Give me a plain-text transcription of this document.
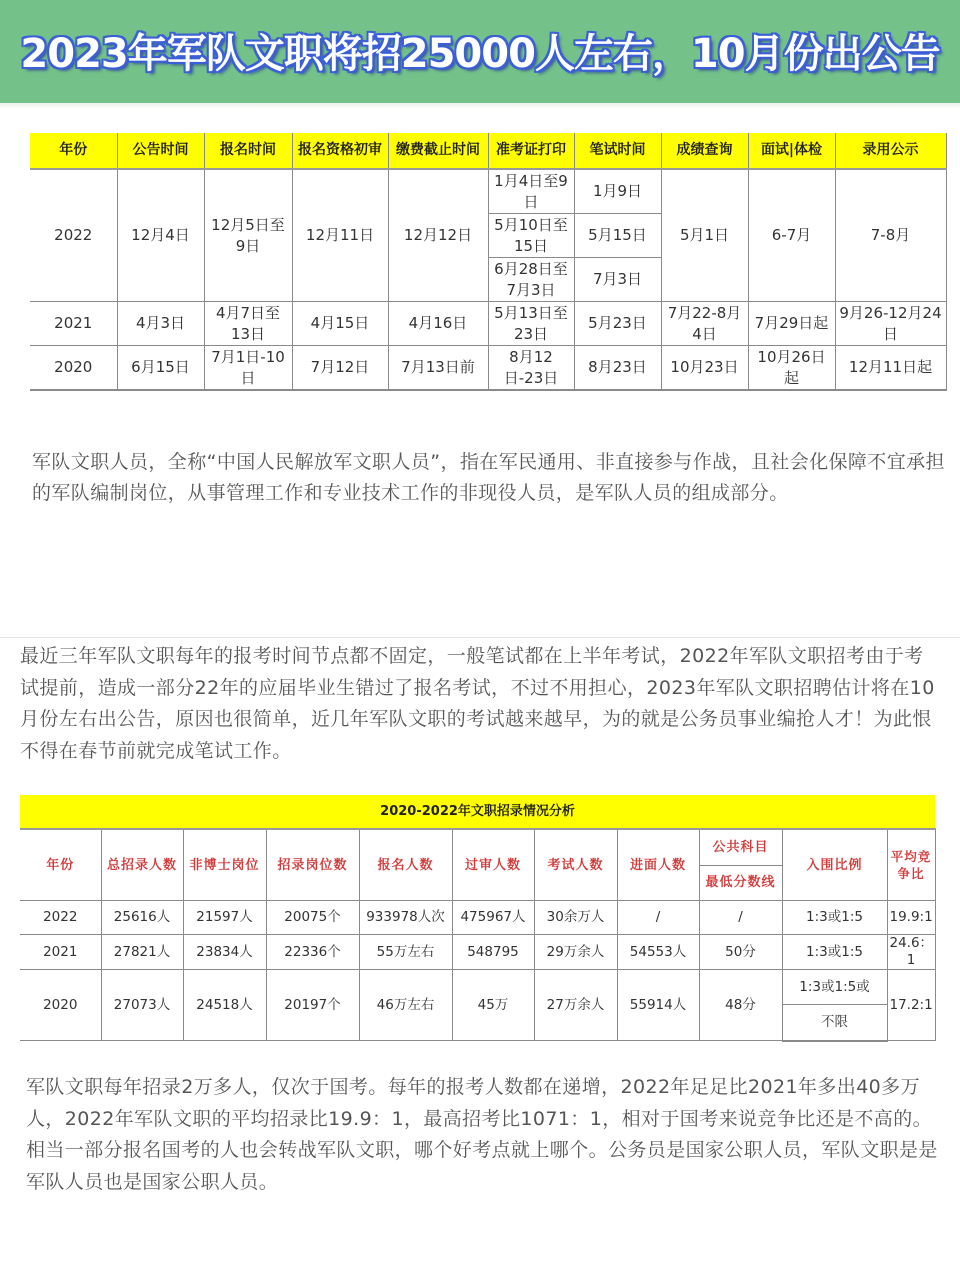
2023年军队文职将招25000人左右，10月份出公告
年份	公告时间	报名时间	报名资格初审	缴费截止时间	准考证打印	笔试时间	成绩查询	面试|体检	录用公示
2022	12月4日	12月5日至9日	12月11日	12月12日	1月4日至9日	1月9日	5月1日	6-7月	7-8月
					5月10日至15日	5月15日			
					6月28日至7月3日	7月3日			
2021	4月3日	4月7日至13日	4月15日	4月16日	5月13日至23日	5月23日	7月22-8月4日	7月29日起	9月26-12月24日
2020	6月15日	7月1日-10日	7月12日	7月13日前	8月12日-23日	8月23日	10月23日	10月26日起	12月11日起

军队文职人员，全称“中国人民解放军文职人员”，指在军民通用、非直接参与作战，且社会化保障不宜承担的军队编制岗位，从事管理工作和专业技术工作的非现役人员，是军队人员的组成部分。

最近三年军队文职每年的报考时间节点都不固定，一般笔试都在上半年考试，2022年军队文职招考由于考试提前，造成一部分22年的应届毕业生错过了报名考试，不过不用担心，2023年军队文职招聘估计将在10月份左右出公告，原因也很简单，近几年军队文职的考试越来越早，为的就是公务员事业编抢人才！为此恨不得在春节前就完成笔试工作。

2020-2022年文职招录情况分析										
年份	总招录人数	非博士岗位	招录岗位数	报名人数	过审人数	考试人数	进面人数	公共科目	入围比例	平均竞争比
								最低分数线		
2022	25616人	21597人	20075个	933978人次	475967人	30余万人	/	/	1:3或1:5	19.9:1
2021	27821人	23834人	22336个	55万左右	548795	29万余人	54553人	50分	1:3或1:5	24.6：1
2020	27073人	24518人	20197个	46万左右	45万	27万余人	55914人	48分	1:3或1:5或	17.2:1
									不限	

军队文职每年招录2万多人，仅次于国考。每年的报考人数都在递增，2022年足足比2021年多出40多万人，2022年军队文职的平均招录比19.9：1，最高招考比1071：1，相对于国考来说竞争比还是不高的。相当一部分报名国考的人也会转战军队文职，哪个好考点就上哪个。公务员是国家公职人员，军队文职是是军队人员也是国家公职人员。
